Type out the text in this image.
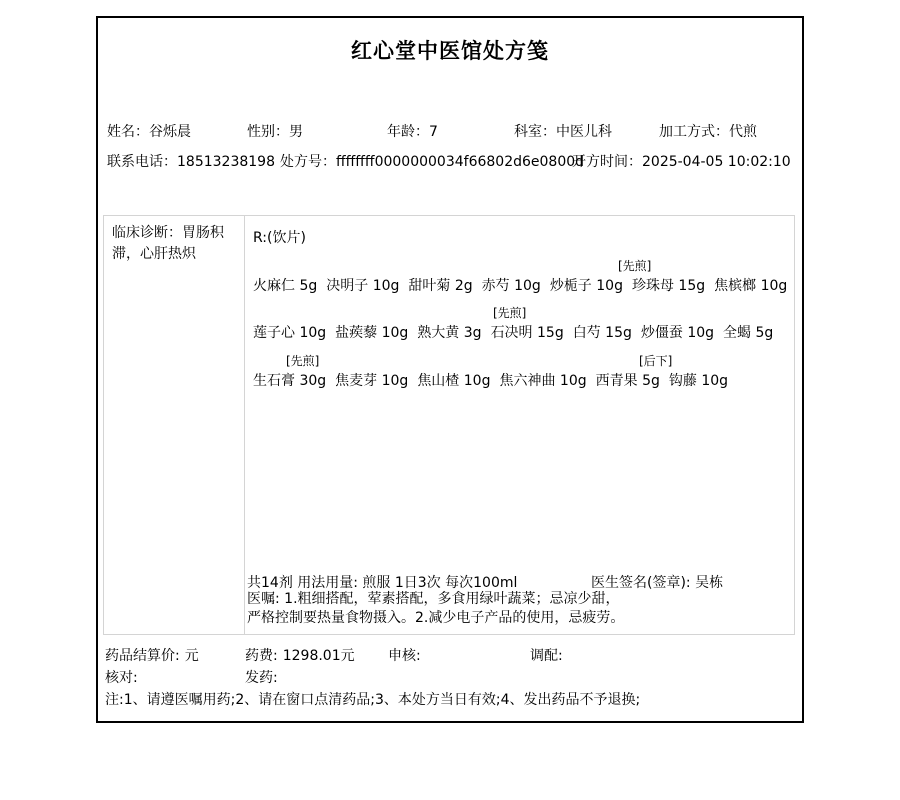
红心堂中医馆处方笺
姓名：谷烁晨	性别：男	年龄：7	科室：中医儿科	加工方式：代煎
联系电话：18513238198 处方号：ffffffff0000000034f66802d6e0800d
开方时间：2025-04-05 10:02:10
临床诊断：胃肠积滞，心肝热炽
R:(饮片)
[先煎]
火麻仁 5g 决明子 10g 甜叶菊 2g 赤芍 10g 炒栀子 10g 珍珠母 15g 焦槟榔 10g
[先煎]
莲子心 10g 盐蒺藜 10g 熟大黄 3g 石决明 15g 白芍 15g 炒僵蚕 10g 全蝎 5g
[先煎]	[后下]
生石膏 30g 焦麦芽 10g 焦山楂 10g 焦六神曲 10g 西青果 5g 钩藤 10g
共14剂 用法用量: 煎服 1日3次 每次100ml	医生签名(签章): 吴栋
医嘱: 1.粗细搭配，荤素搭配，多食用绿叶蔬菜；忌凉少甜，严格控制要热量食物摄入。2.减少电子产品的使用，忌疲劳。
药品结算价: 元	药费: 1298.01元 申核:	调配:
核对:	发药:
注:1、请遵医嘱用药;2、请在窗口点清药品;3、本处方当日有效;4、发出药品不予退换;
